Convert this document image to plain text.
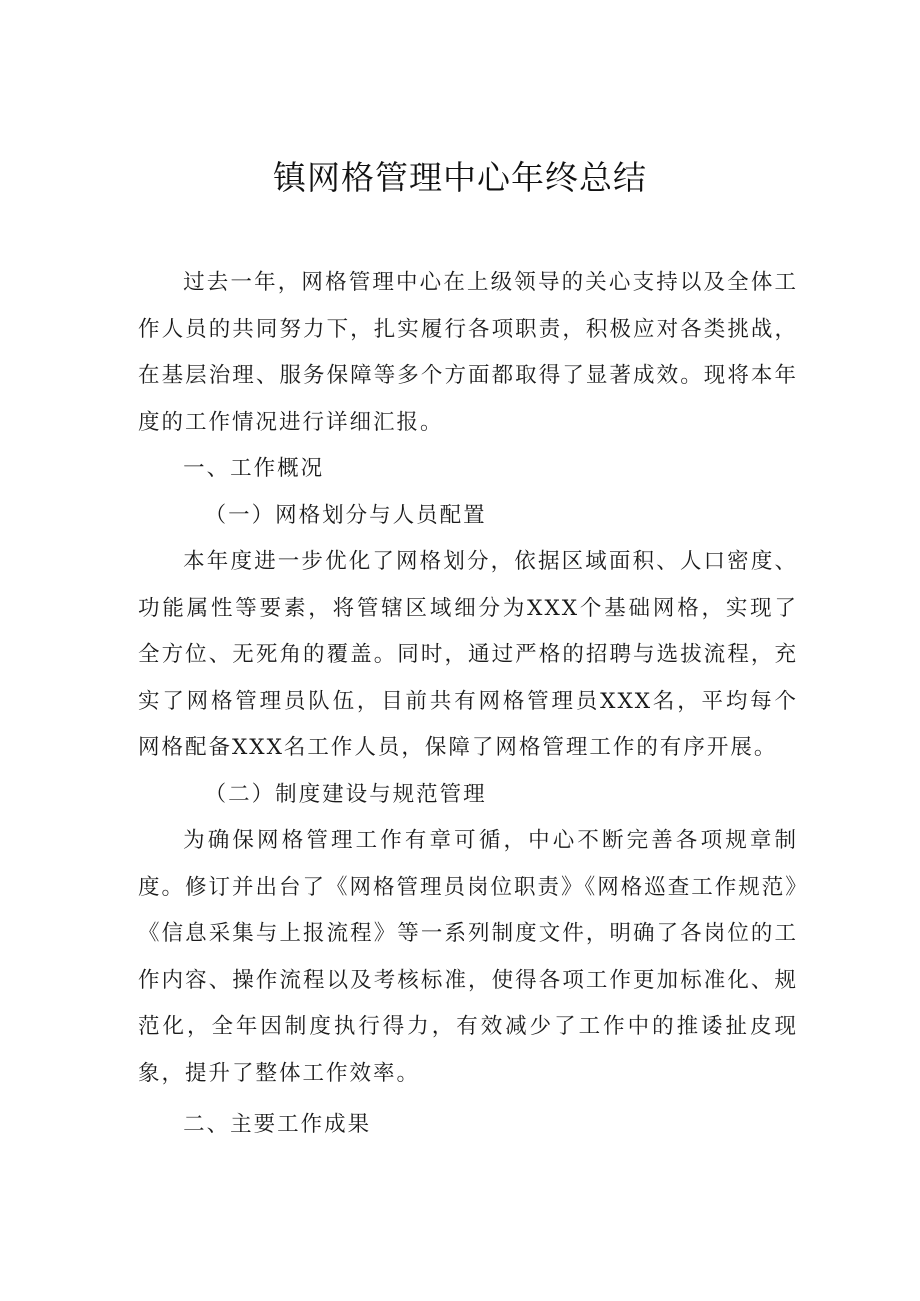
镇网格管理中心年终总结

过去一年，网格管理中心在上级领导的关心支持以及全体工作人员的共同努力下，扎实履行各项职责，积极应对各类挑战，在基层治理、服务保障等多个方面都取得了显著成效。现将本年度的工作情况进行详细汇报。

一、工作概况

（一）网格划分与人员配置

本年度进一步优化了网格划分，依据区域面积、人口密度、功能属性等要素，将管辖区域细分为XXX个基础网格，实现了全方位、无死角的覆盖。同时，通过严格的招聘与选拔流程，充实了网格管理员队伍，目前共有网格管理员XXX名，平均每个网格配备XXX名工作人员，保障了网格管理工作的有序开展。

（二）制度建设与规范管理

为确保网格管理工作有章可循，中心不断完善各项规章制度。修订并出台了《网格管理员岗位职责》《网格巡查工作规范》《信息采集与上报流程》等一系列制度文件，明确了各岗位的工作内容、操作流程以及考核标准，使得各项工作更加标准化、规范化，全年因制度执行得力，有效减少了工作中的推诿扯皮现象，提升了整体工作效率。

二、主要工作成果
